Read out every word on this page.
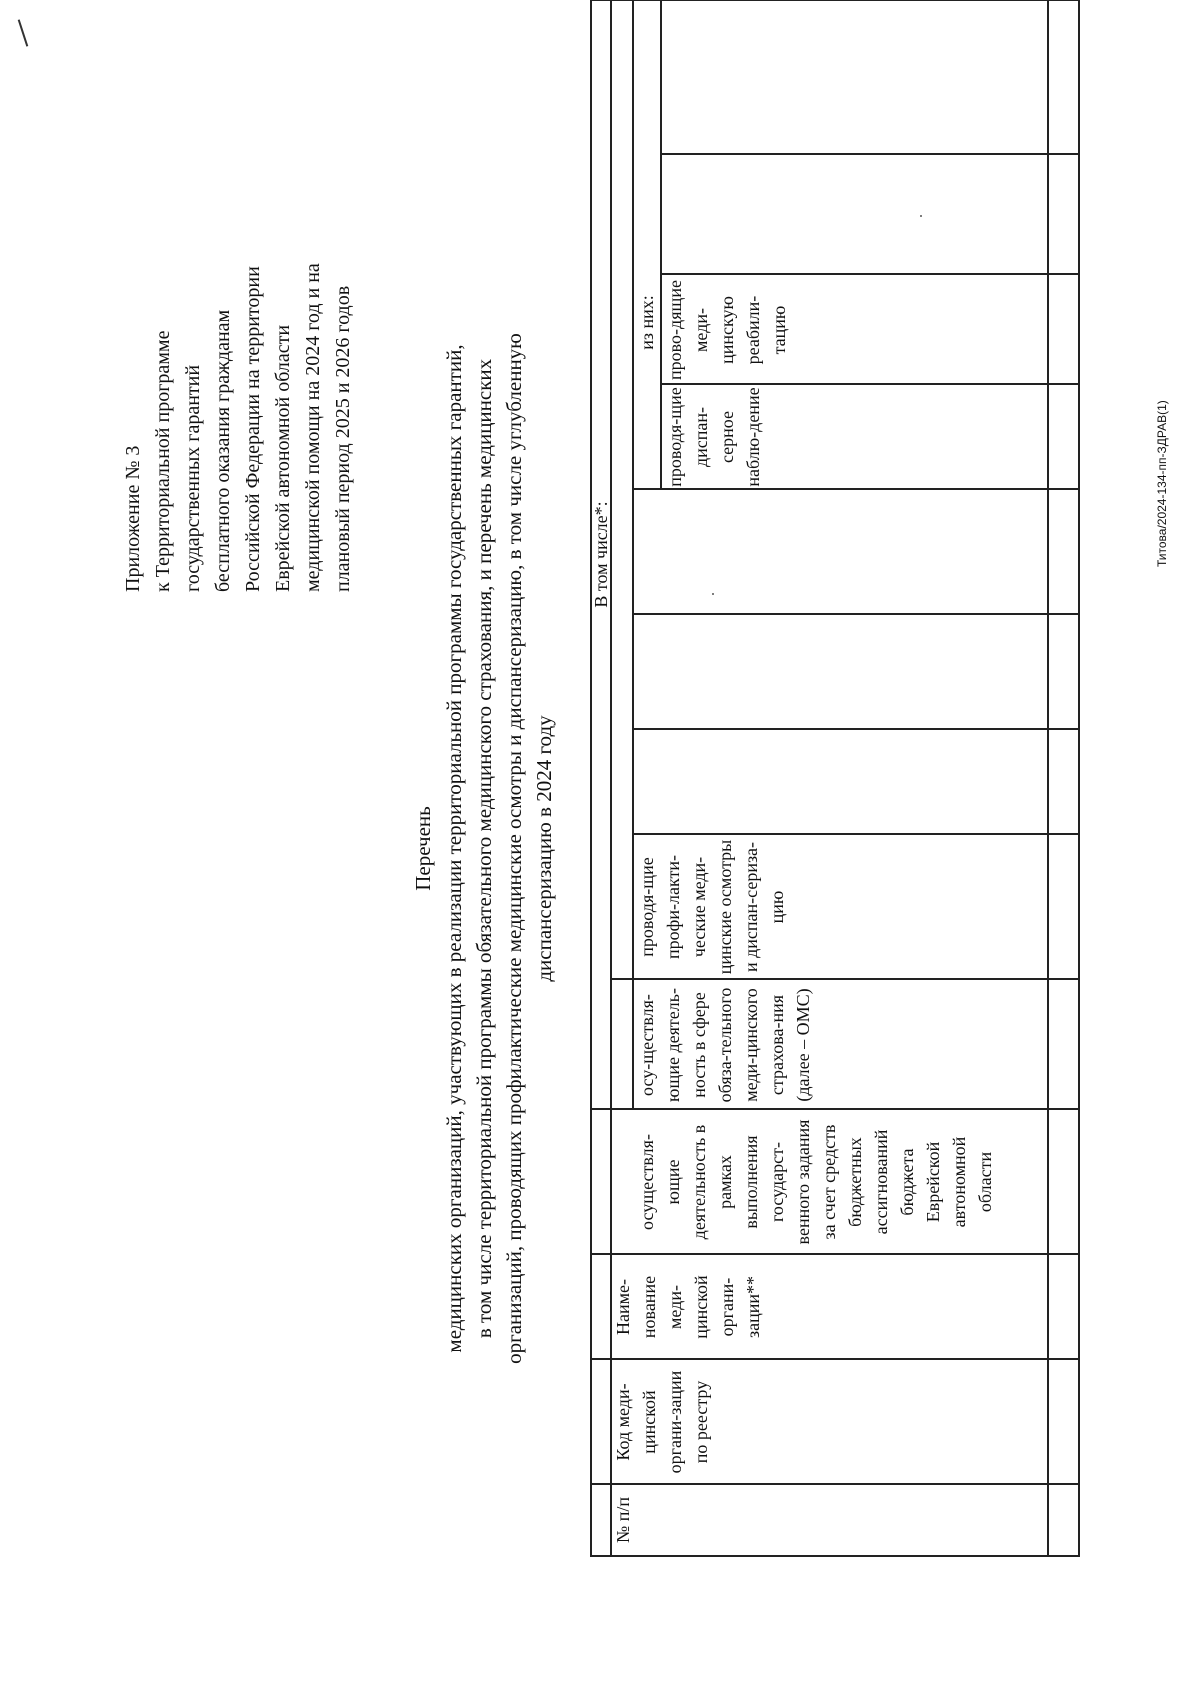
Приложение № 3 к Территориальной программе государственных гарантий бесплатного оказания гражданам Российской Федерации на территории Еврейской автономной области медицинской помощи на 2024 год и на плановый период 2025 и 2026 годов
Перечень медицинских организаций, участвующих в реализации территориальной программы государственных гарантий, в том числе территориальной программы обязательного медицинского страхования, и перечень медицинских организаций, проводящих профилактические медицинские осмотры и диспансеризацию, в том числе углубленную диспансеризацию в 2024 году
№ п/п
Код меди-цинской органи-зации по реестру
Наиме-нование меди-цинской органи-зации**
В том числе*:
из них:
осуществля-ющие деятельность в рамках выполнения государст-венного задания за счет средств бюджетных ассигнований бюджета Еврейской автономной области
осу-ществля-ющие деятель-ность в сфере обяза-тельного меди-цинского страхова-ния (далее – ОМС)
проводя-щие профи-лакти-ческие меди-цинские осмотры и диспан-сериза-цию
проводя-щие диспан-серное наблю-дение
прово-дящие меди-цинскую реабили-тацию
Титова/2024-134-пп-ЗДРАВ(1)
